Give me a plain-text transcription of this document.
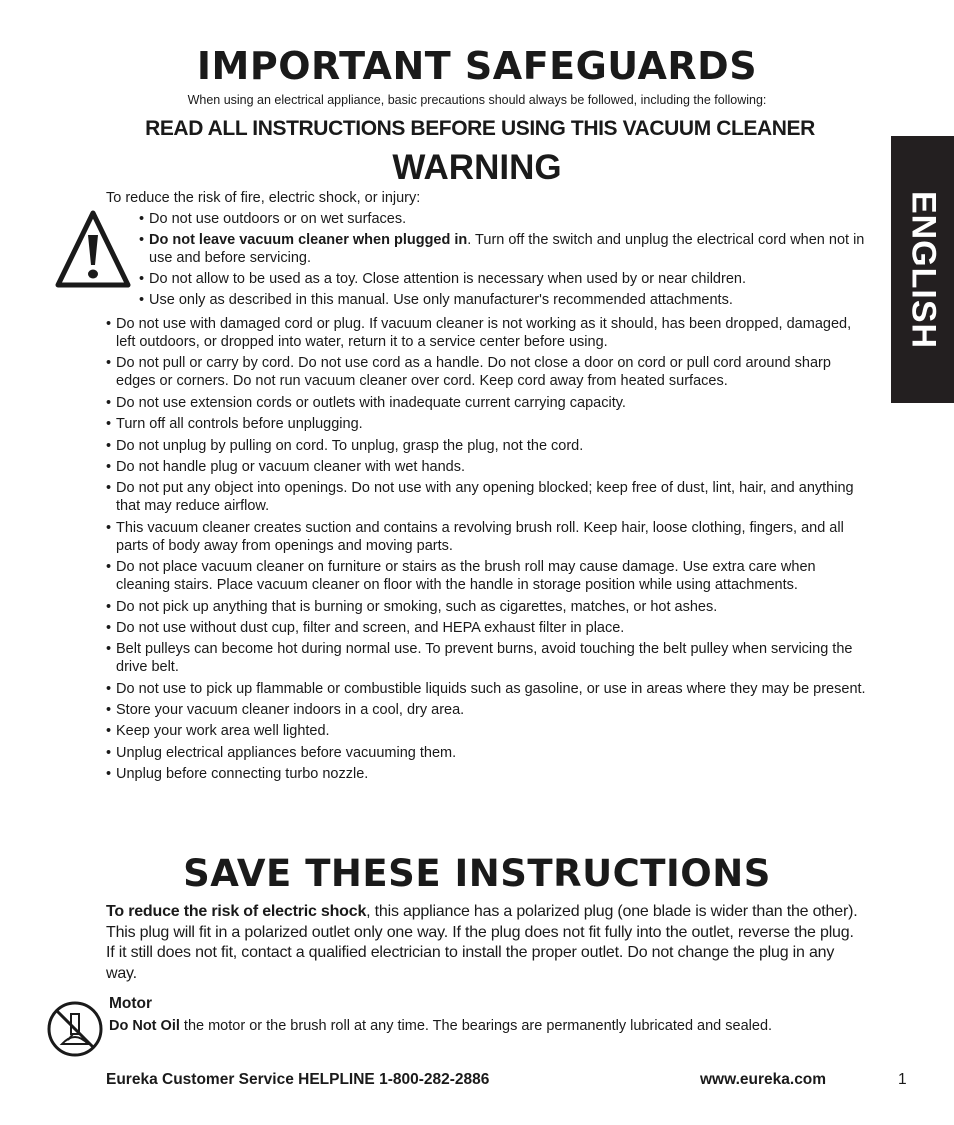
IMPORTANT SAFEGUARDS
When using an electrical appliance, basic precautions should always be followed, including the following:
READ ALL INSTRUCTIONS BEFORE USING THIS VACUUM CLEANER
WARNING
To reduce the risk of fire, electric shock, or injury:	ENGLISH
• Do not use outdoors or on wet surfaces.
• Do not leave vacuum cleaner when plugged in. Turn off the switch and unplug the electrical cord when not in use and before servicing.
• Do not allow to be used as a toy. Close attention is necessary when used by or near children.
• Use only as described in this manual. Use only manufacturer's recommended attachments.
• Do not use with damaged cord or plug. If vacuum cleaner is not working as it should, has been dropped, damaged, left outdoors, or dropped into water, return it to a service center before using.
• Do not pull or carry by cord. Do not use cord as a handle. Do not close a door on cord or pull cord around sharp edges or corners. Do not run vacuum cleaner over cord. Keep cord away from heated surfaces.
• Do not use extension cords or outlets with inadequate current carrying capacity.
• Turn off all controls before unplugging.
• Do not unplug by pulling on cord. To unplug, grasp the plug, not the cord.
• Do not handle plug or vacuum cleaner with wet hands.
• Do not put any object into openings. Do not use with any opening blocked; keep free of dust, lint, hair, and anything that may reduce airflow.
• This vacuum cleaner creates suction and contains a revolving brush roll. Keep hair, loose clothing, fingers, and all parts of body away from openings and moving parts.
• Do not place vacuum cleaner on furniture or stairs as the brush roll may cause damage. Use extra care when cleaning stairs. Place vacuum cleaner on floor with the handle in storage position while using attachments.
• Do not pick up anything that is burning or smoking, such as cigarettes, matches, or hot ashes.
• Do not use without dust cup, filter and screen, and HEPA exhaust filter in place.
• Belt pulleys can become hot during normal use. To prevent burns, avoid touching the belt pulley when servicing the drive belt.
• Do not use to pick up flammable or combustible liquids such as gasoline, or use in areas where they may be present.
• Store your vacuum cleaner indoors in a cool, dry area.
• Keep your work area well lighted.
• Unplug electrical appliances before vacuuming them.
• Unplug before connecting turbo nozzle.
SAVE THESE INSTRUCTIONS
To reduce the risk of electric shock, this appliance has a polarized plug (one blade is wider than the other). This plug will fit in a polarized outlet only one way. If the plug does not fit fully into the outlet, reverse the plug. If it still does not fit, contact a qualified electrician to install the proper outlet. Do not change the plug in any way.
Motor
Do Not Oil the motor or the brush roll at any time. The bearings are permanently lubricated and sealed.
Eureka Customer Service HELPLINE 1-800-282-2886	www.eureka.com	1
